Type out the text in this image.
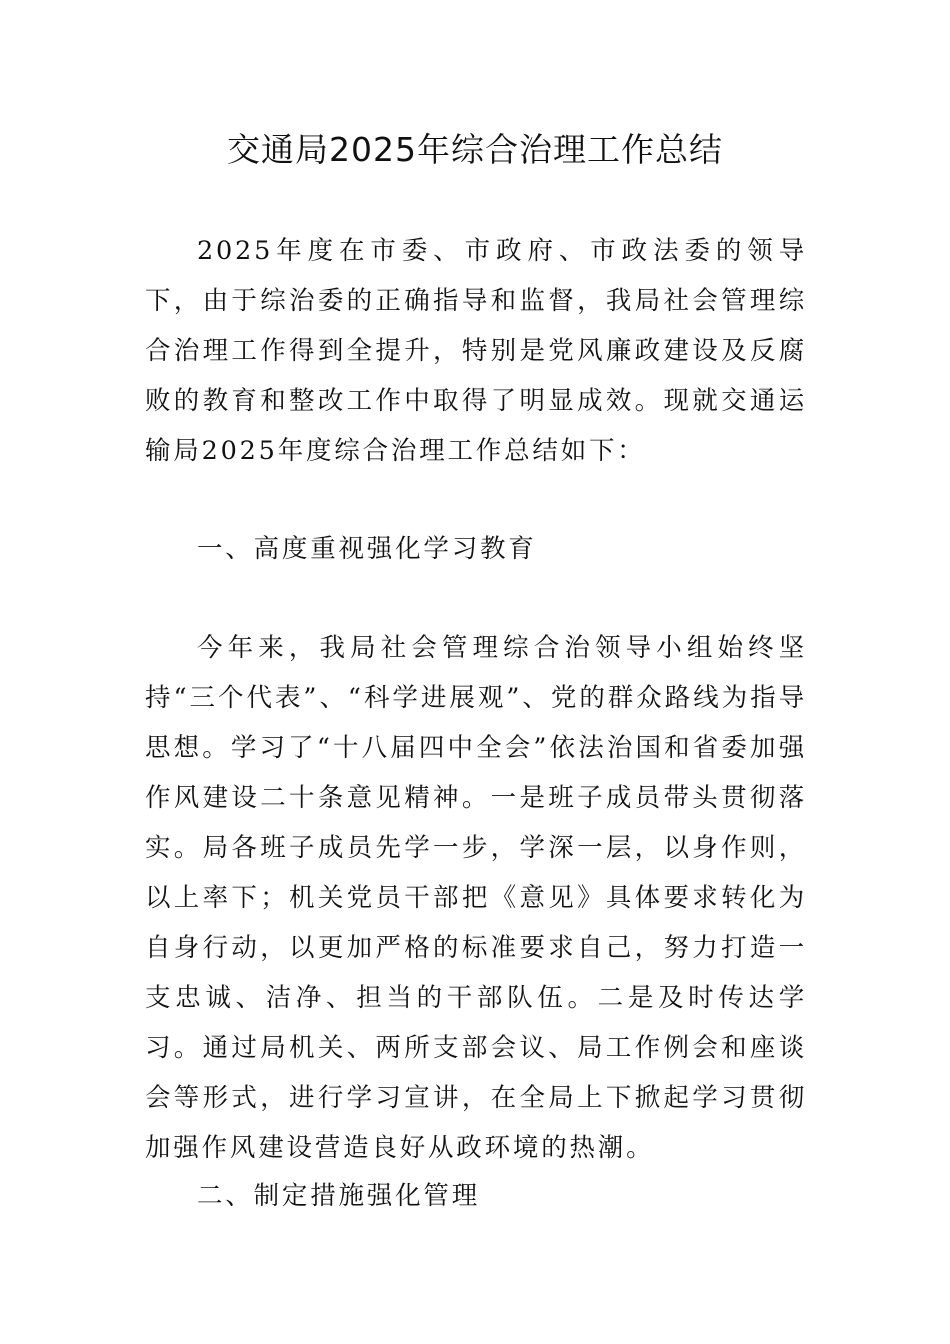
交通局2025年综合治理工作总结

2025年度在市委、市政府、市政法委的领导下，由于综治委的正确指导和监督，我局社会管理综合治理工作得到全提升，特别是党风廉政建设及反腐败的教育和整改工作中取得了明显成效。现就交通运输局2025年度综合治理工作总结如下：

一、高度重视强化学习教育

今年来，我局社会管理综合治领导小组始终坚持“三个代表”、“科学进展观”、党的群众路线为指导思想。学习了“十八届四中全会”依法治国和省委加强作风建设二十条意见精神。一是班子成员带头贯彻落实。局各班子成员先学一步，学深一层，以身作则，以上率下；机关党员干部把《意见》具体要求转化为自身行动，以更加严格的标准要求自己，努力打造一支忠诚、洁净、担当的干部队伍。二是及时传达学习。通过局机关、两所支部会议、局工作例会和座谈会等形式，进行学习宣讲，在全局上下掀起学习贯彻加强作风建设营造良好从政环境的热潮。

二、制定措施强化管理
